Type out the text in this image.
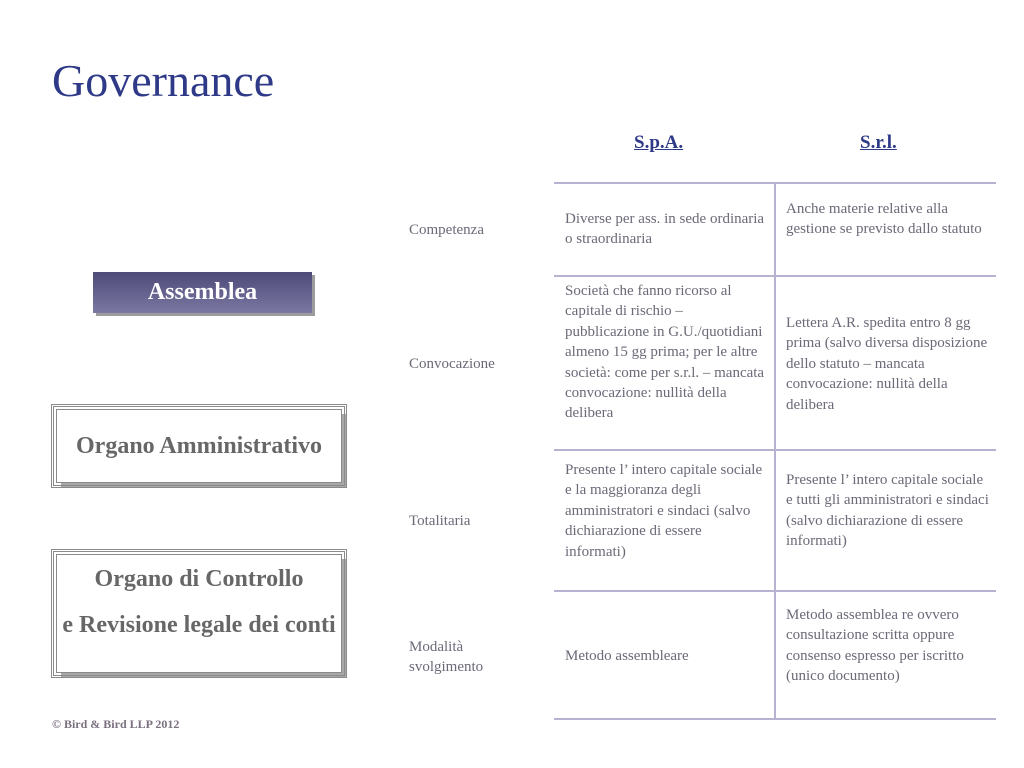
Governance
Assemblea
Organo Amministrativo

Organo di Controllo

e Revisione legale dei conti

S.p.A.	S.r.l.
Competenza
Convocazione
Totalitaria
Modalità svolgimento
Diverse per ass. in sede ordinaria o straordinaria
Anche materie relative alla gestione se previsto dallo statuto
Società che fanno ricorso al capitale di rischio – pubblicazione in G.U./quotidiani almeno 15 gg prima; per le altre società: come per s.r.l. – mancata convocazione: nullità della delibera
Lettera A.R. spedita entro 8 gg prima (salvo diversa disposizione dello statuto – mancata convocazione: nullità della delibera
Presente l’ intero capitale sociale e la maggioranza degli amministratori e sindaci (salvo dichiarazione di essere informati)
Presente l’ intero capitale sociale e tutti gli amministratori e sindaci (salvo dichiarazione di essere informati)
Metodo assembleare
Metodo assemblea re ovvero consultazione scritta oppure consenso espresso per iscritto (unico documento)
© Bird & Bird LLP 2012
